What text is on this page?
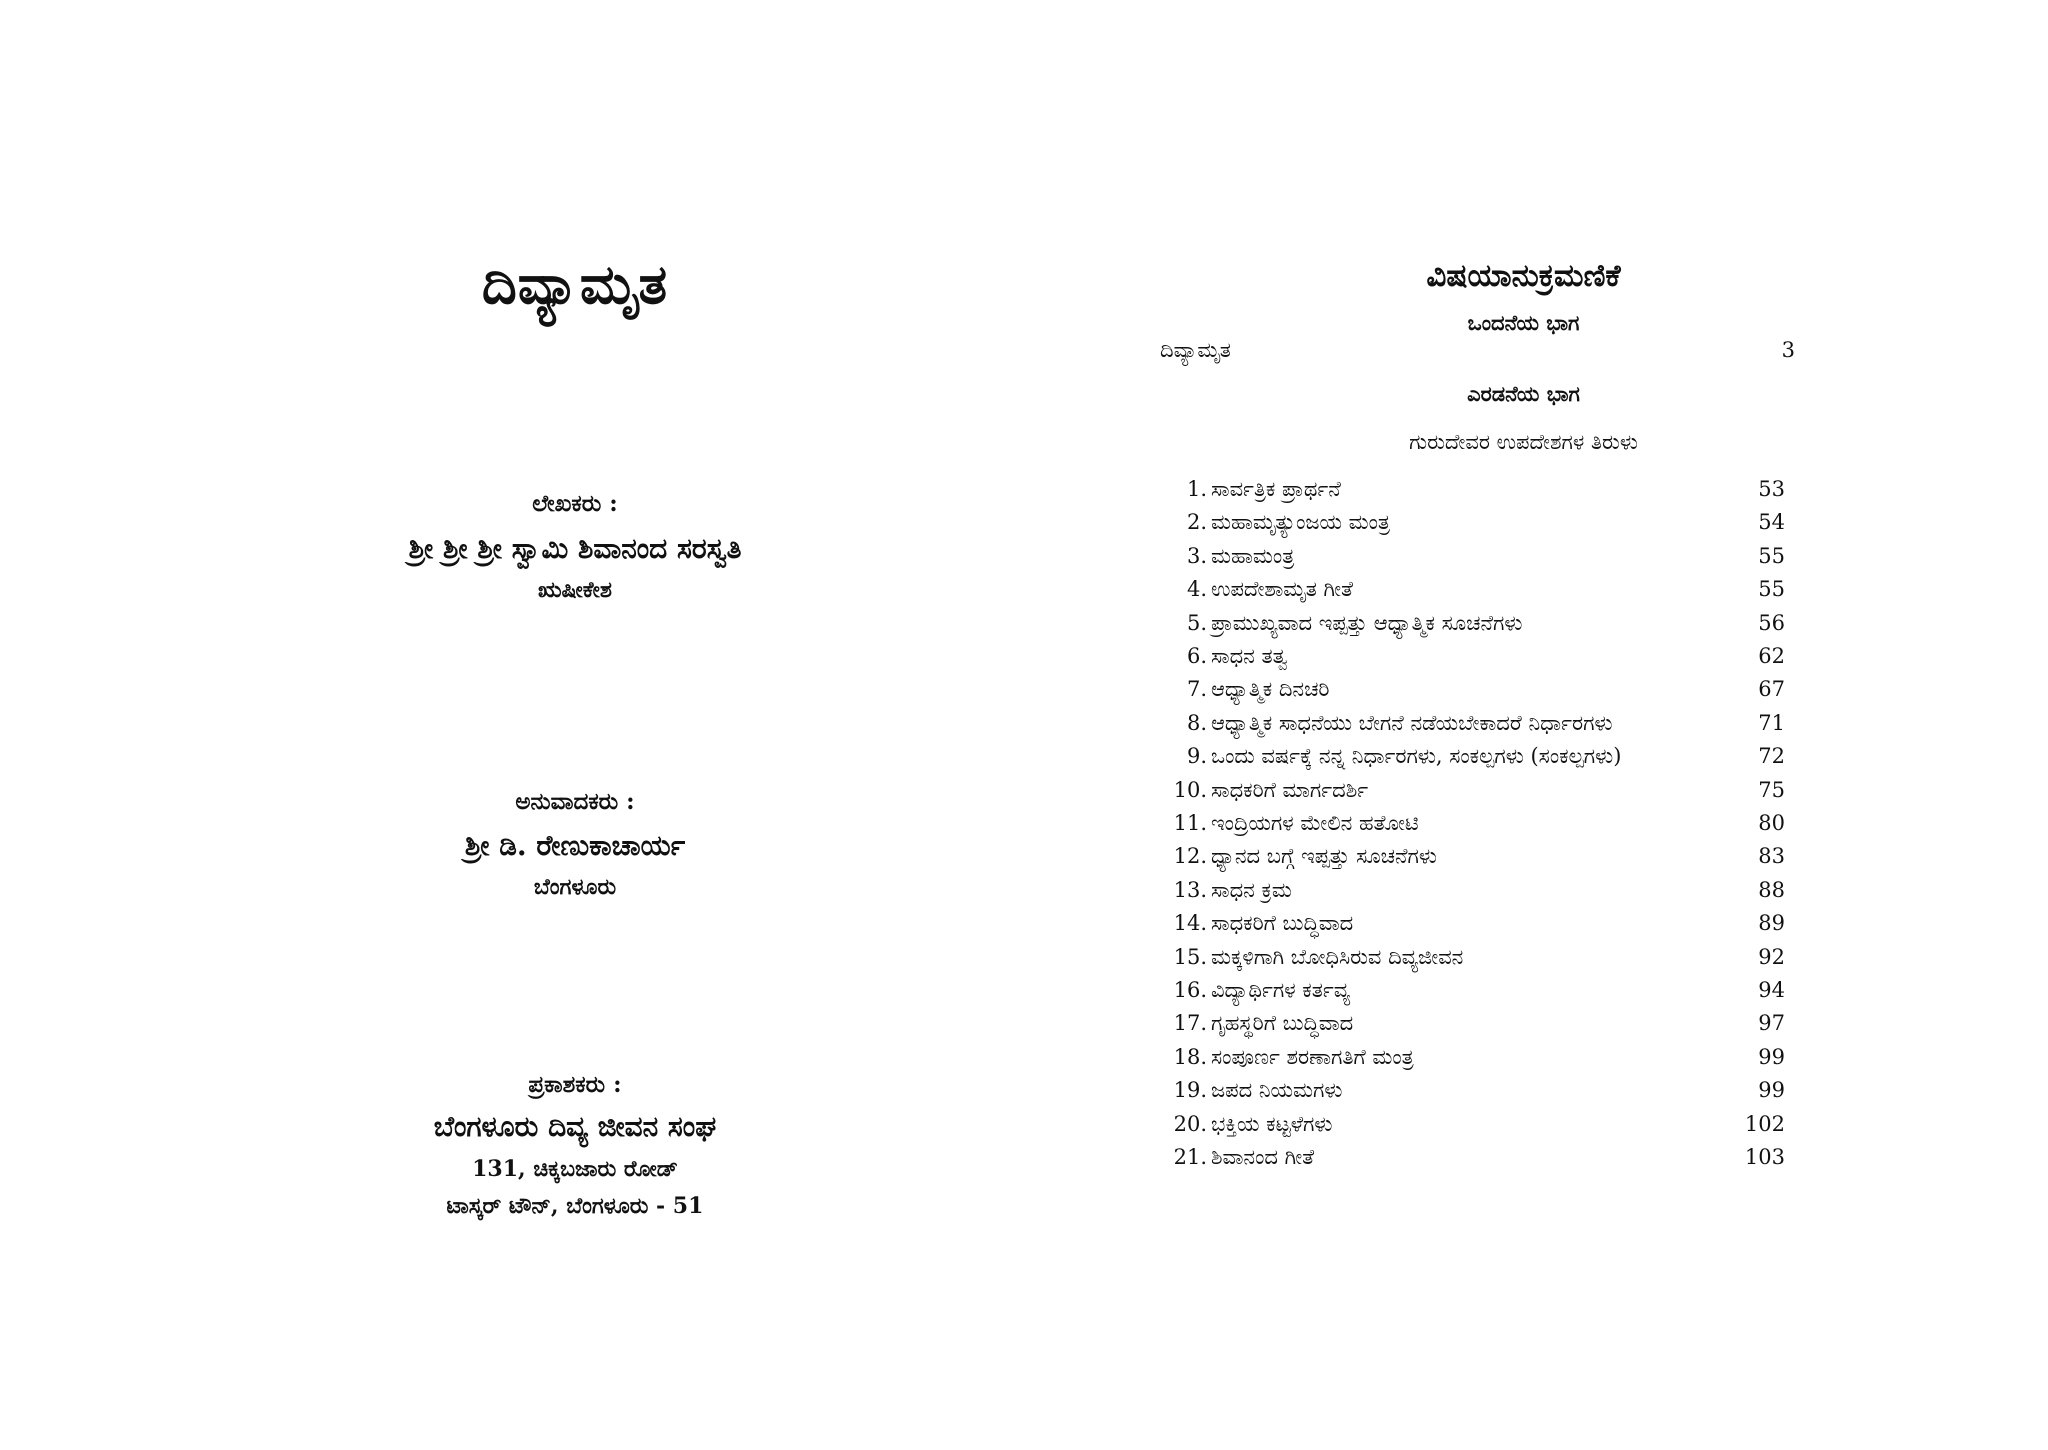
ದಿವ್ಯಾಮೃತ
ಲೇಖಕರು :
ಶ್ರೀ ಶ್ರೀ ಶ್ರೀ ಸ್ವಾಮಿ ಶಿವಾನಂದ ಸರಸ್ವತಿ
ಋಷೀಕೇಶ
ಅನುವಾದಕರು :
ಶ್ರೀ ಡಿ. ರೇಣುಕಾಚಾರ್ಯ
ಬೆಂಗಳೂರು
ಪ್ರಕಾಶಕರು :
ಬೆಂಗಳೂರು ದಿವ್ಯ ಜೀವನ ಸಂಘ
131, ಚಿಕ್ಕಬಜಾರು ರೋಡ್
ಟಾಸ್ಕರ್ ಟೌನ್, ಬೆಂಗಳೂರು - 51
ವಿಷಯಾನುಕ್ರಮಣಿಕೆ
ಒಂದನೆಯ ಭಾಗ
ದಿವ್ಯಾಮೃತ	3
ಎರಡನೆಯ ಭಾಗ
ಗುರುದೇವರ ಉಪದೇಶಗಳ ತಿರುಳು
1. ಸಾರ್ವತ್ರಿಕ ಪ್ರಾರ್ಥನೆ	53
2. ಮಹಾಮೃತ್ಯುಂಜಯ ಮಂತ್ರ	54
3. ಮಹಾಮಂತ್ರ	55
4. ಉಪದೇಶಾಮೃತ ಗೀತೆ	55
5. ಪ್ರಾಮುಖ್ಯವಾದ ಇಪ್ಪತ್ತು ಆಧ್ಯಾತ್ಮಿಕ ಸೂಚನೆಗಳು	56
6. ಸಾಧನ ತತ್ವ	62
7. ಆಧ್ಯಾತ್ಮಿಕ ದಿನಚರಿ	67
8. ಆಧ್ಯಾತ್ಮಿಕ ಸಾಧನೆಯು ಬೇಗನೆ ನಡೆಯಬೇಕಾದರೆ ನಿರ್ಧಾರಗಳು	71
9. ಒಂದು ವರ್ಷಕ್ಕೆ ನನ್ನ ನಿರ್ಧಾರಗಳು, ಸಂಕಲ್ಪಗಳು (ಸಂಕಲ್ಪಗಳು)	72
10. ಸಾಧಕರಿಗೆ ಮಾರ್ಗದರ್ಶಿ	75
11. ಇಂದ್ರಿಯಗಳ ಮೇಲಿನ ಹತೋಟಿ	80
12. ಧ್ಯಾನದ ಬಗ್ಗೆ ಇಪ್ಪತ್ತು ಸೂಚನೆಗಳು	83
13. ಸಾಧನ ಕ್ರಮ	88
14. ಸಾಧಕರಿಗೆ ಬುದ್ಧಿವಾದ	89
15. ಮಕ್ಕಳಿಗಾಗಿ ಬೋಧಿಸಿರುವ ದಿವ್ಯಜೀವನ	92
16. ವಿದ್ಯಾರ್ಥಿಗಳ ಕರ್ತವ್ಯ	94
17. ಗೃಹಸ್ಥರಿಗೆ ಬುದ್ಧಿವಾದ	97
18. ಸಂಪೂರ್ಣ ಶರಣಾಗತಿಗೆ ಮಂತ್ರ	99
19. ಜಪದ ನಿಯಮಗಳು	99
20. ಭಕ್ತಿಯ ಕಟ್ಟಳೆಗಳು	102
21. ಶಿವಾನಂದ ಗೀತೆ	103
